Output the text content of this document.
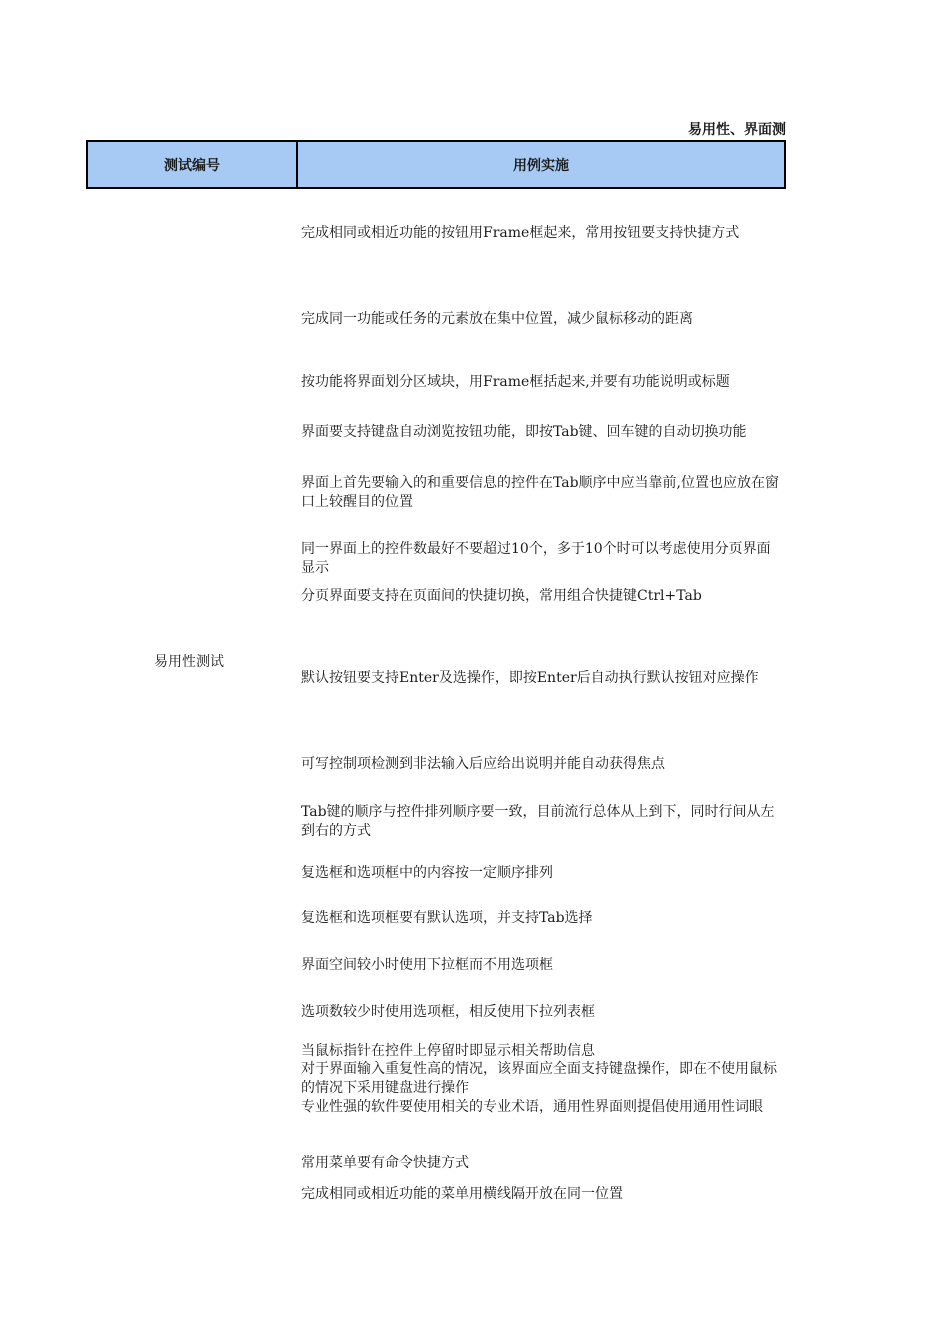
易用性、界面测
测试编号	用例实施
易用性测试
完成相同或相近功能的按钮用Frame框起来，常用按钮要支持快捷方式
完成同一功能或任务的元素放在集中位置，减少鼠标移动的距离
按功能将界面划分区域块，用Frame框括起来,并要有功能说明或标题
界面要支持键盘自动浏览按钮功能，即按Tab键、回车键的自动切换功能
界面上首先要输入的和重要信息的控件在Tab顺序中应当靠前,位置也应放在窗口上较醒目的位置
同一界面上的控件数最好不要超过10个，多于10个时可以考虑使用分页界面显示
分页界面要支持在页面间的快捷切换，常用组合快捷键Ctrl+Tab
默认按钮要支持Enter及选操作，即按Enter后自动执行默认按钮对应操作
可写控制项检测到非法输入后应给出说明并能自动获得焦点
Tab键的顺序与控件排列顺序要一致，目前流行总体从上到下，同时行间从左到右的方式
复选框和选项框中的内容按一定顺序排列
复选框和选项框要有默认选项，并支持Tab选择
界面空间较小时使用下拉框而不用选项框
选项数较少时使用选项框，相反使用下拉列表框
当鼠标指针在控件上停留时即显示相关帮助信息
对于界面输入重复性高的情况，该界面应全面支持键盘操作，即在不使用鼠标的情况下采用键盘进行操作
专业性强的软件要使用相关的专业术语，通用性界面则提倡使用通用性词眼
常用菜单要有命令快捷方式
完成相同或相近功能的菜单用横线隔开放在同一位置
